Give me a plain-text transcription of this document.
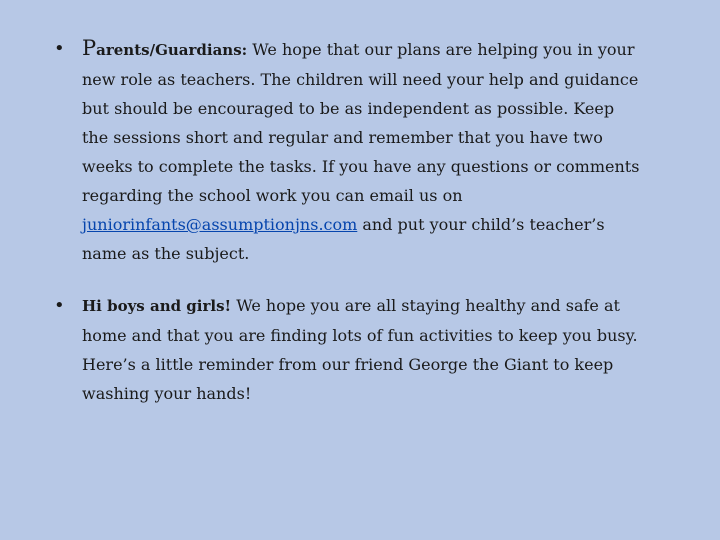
• Parents/Guardians: We hope that our plans are helping you in your new role as teachers. The children will need your help and guidance but should be encouraged to be as independent as possible. Keep the sessions short and regular and remember that you have two weeks to complete the tasks. If you have any questions or comments regarding the school work you can email us on juniorinfants@assumptionjns.com and put your child’s teacher’s name as the subject.
• Hi boys and girls! We hope you are all staying healthy and safe at home and that you are finding lots of fun activities to keep you busy. Here’s a little reminder from our friend George the Giant to keep washing your hands!
